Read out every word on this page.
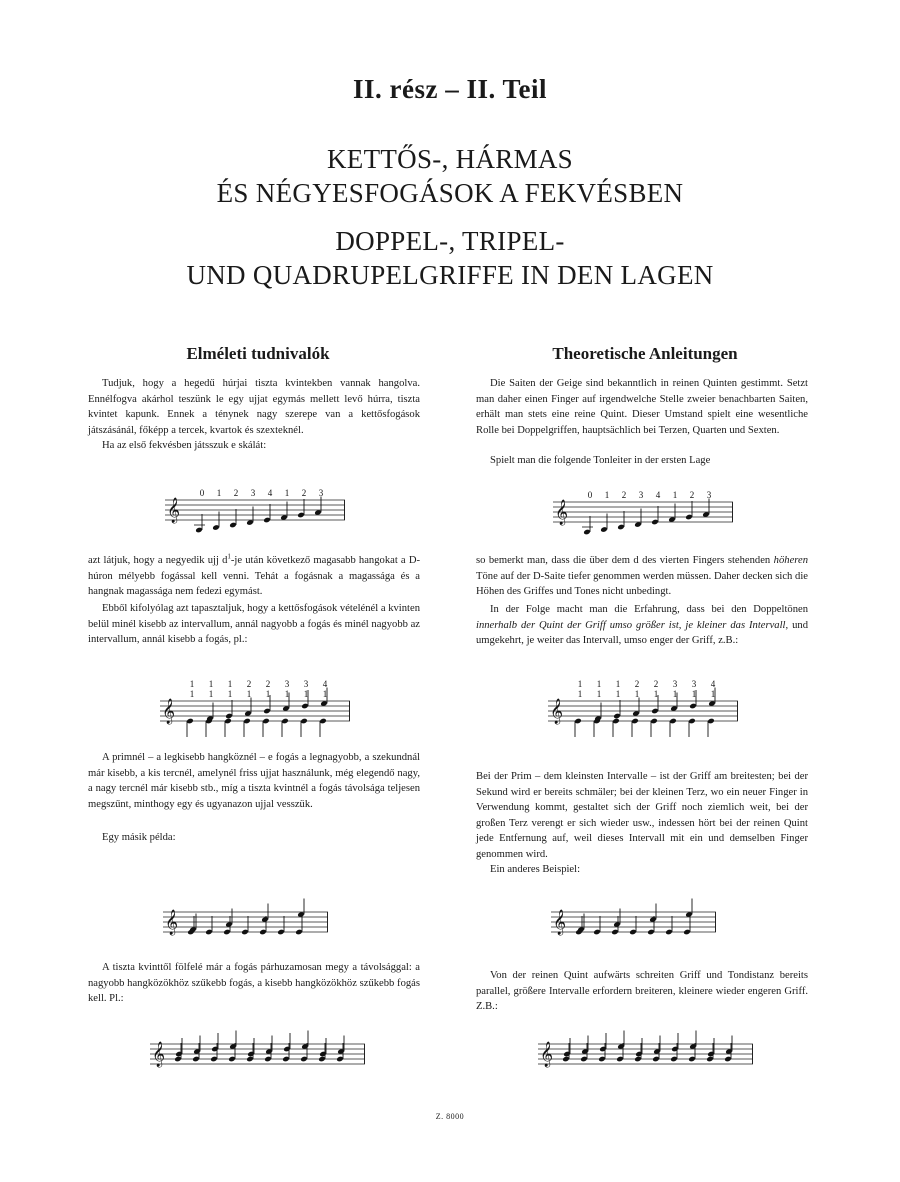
II. rész – II. Teil
KETTŐS-, HÁRMAS
ÉS NÉGYESFOGÁSOK A FEKVÉSBEN
DOPPEL-, TRIPEL-
UND QUADRUPELGRIFFE IN DEN LAGEN
Elméleti tudnivalók	Theoretische Anleitungen

Tudjuk, hogy a hegedű húrjai tiszta kvintekben vannak hangolva. Ennélfogva akárhol teszünk le egy ujjat egymás mellett levő húrra, tiszta kvintet kapunk. Ennek a ténynek nagy szerepe van a kettősfogások játszásánál, főképp a tercek, kvartok és szexteknél.

Ha az első fekvésben játsszuk e skálát:

azt látjuk, hogy a negyedik ujj $d^1-je$ után következő magasabb hangokat a D-húron mélyebb fogással kell venni. Tehát a fogásnak a magassága és a hangnak magassága nem fedezi egymást.

Ebből kifolyólag azt tapasztaljuk, hogy a kettősfogások vételénél a kvinten belül minél kisebb az intervallum, annál nagyobb a fogás és minél nagyobb az intervallum, annál kisebb a fogás, pl.:

A primnél – a legkisebb hangköznél – e fogás a legnagyobb, a szekundnál már kisebb, a kis tercnél, amelynél friss ujjat használunk, még elegendő nagy, a nagy tercnél már kisebb stb., míg a tiszta kvintnél a fogás távolsága teljesen megszűnt, minthogy egy és ugyanazon ujjal vesszük.

Egy másik példa:

A tiszta kvinttől fölfelé már a fogás párhuzamosan megy a távolsággal: a nagyobb hangközökhöz szűkebb fogás, a kisebb hangközökhöz szűkebb fogás kell. Pl.:

Die Saiten der Geige sind bekanntlich in reinen Quinten gestimmt. Setzt man daher einen Finger auf irgendwelche Stelle zweier benachbarten Saiten, erhält man stets eine reine Quint. Dieser Umstand spielt eine wesentliche Rolle bei Doppelgriffen, hauptsächlich bei Terzen, Quarten und Sexten.

Spielt man die folgende Tonleiter in der ersten Lage

so bemerkt man, dass die über dem d des vierten Fingers stehenden höheren Töne auf der D-Saite tiefer genommen werden müssen. Daher decken sich die Höhen des Griffes und Tones nicht unbedingt.

In der Folge macht man die Erfahrung, dass bei den Doppeltönen innerhalb der Quint der Griff umso größer ist, je kleiner das Intervall, und umgekehrt, je weiter das Intervall, umso enger der Griff, z.B.:

Bei der Prim – dem kleinsten Intervalle – ist der Griff am breitesten; bei der Sekund wird er bereits schmäler; bei der kleinen Terz, wo ein neuer Finger in Verwendung kommt, gestaltet sich der Griff noch ziemlich weit, bei der großen Terz verengt er sich wieder usw., indessen hört bei der reinen Quint jede Entfernung auf, weil dieses Intervall mit ein und demselben Finger genommen wird.

Ein anderes Beispiel:

Von der reinen Quint aufwärts schreiten Griff und Tondistanz bereits parallel, größere Intervalle erfordern breiteren, kleinere wieder engeren Griff. Z.B.:

𝄞
0 1 2 3 4 1 2 3
𝄞
0 1 2 3 4 1 2 3
𝄞
1
1
1
1
1
1
2
1
2
1
3
1
3
1
4
1
𝄞
1
1
1
1
1
1
2
1
2
1
3
1
3
1
4
1
𝄞	𝄞
𝄞	𝄞
Z. 8000
